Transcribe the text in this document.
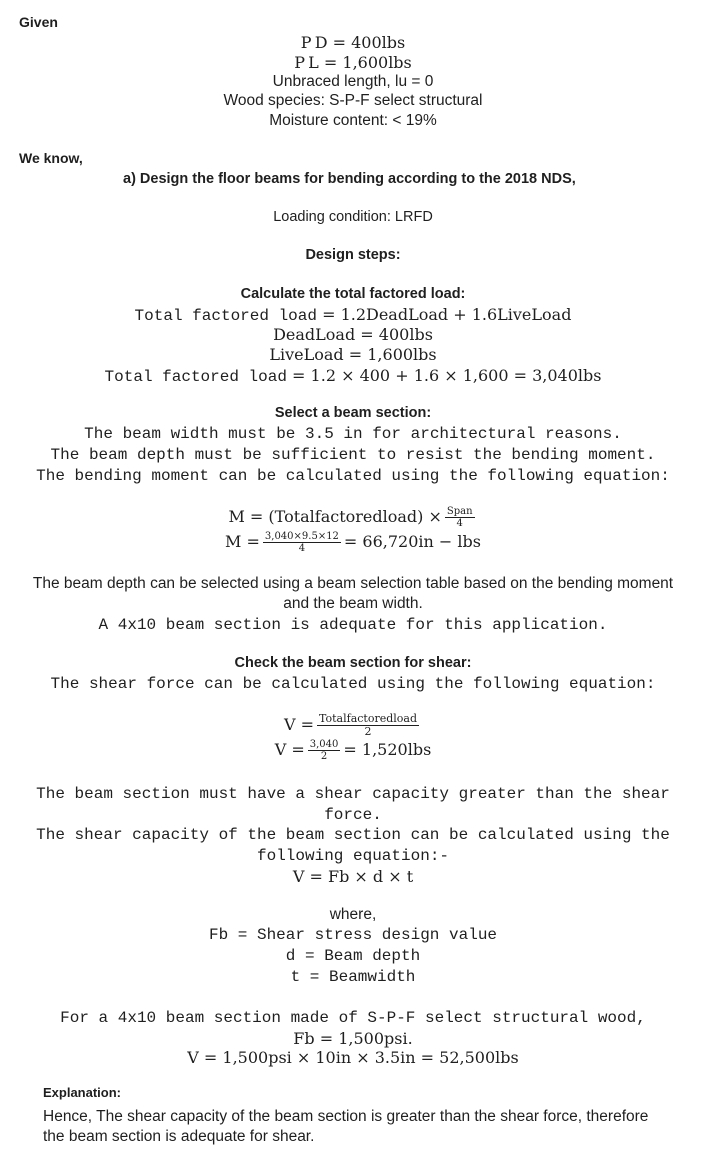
Given
P D = 400lbs
P L = 1,600lbs
Unbraced length, lu = 0
Wood species: S-P-F select structural
Moisture content: < 19%
We know,
a) Design the floor beams for bending according to the 2018 NDS,
Loading condition: LRFD
Design steps:
Calculate the total factored load:
Total factored load = 1.2DeadLoad + 1.6LiveLoad
DeadLoad = 400lbs
LiveLoad = 1,600lbs
Total factored load = 1.2 × 400 + 1.6 × 1,600 = 3,040lbs
Select a beam section:
The beam width must be 3.5 in for architectural reasons.
The beam depth must be sufficient to resist the bending moment.
The bending moment can be calculated using the following equation:
M = (Totalfactoredload) × $\frac{\text{Span}}{4}$
$M = \frac{3,040\times 9.5\times 12}{4} = 66,720in$ − lbs
The beam depth can be selected using a beam selection table based on the bending moment
and the beam width.
A 4x10 beam section is adequate for this application.
Check the beam section for shear:
The shear force can be calculated using the following equation:
$V = \frac{\text{Totalfactoredload}}{2}$
$V = \frac{3,040}{2} = 1,520lbs$
The beam section must have a shear capacity greater than the shear
force.
The shear capacity of the beam section can be calculated using the
following equation:-
V = Fb × d × t
where,
Fb = Shear stress design value
d = Beam depth
t = Beamwidth
For a 4x10 beam section made of S-P-F select structural wood,
Fb = 1,500psi.
V = 1,500psi × 10in × 3.5in = 52,500lbs
Explanation:
Hence, The shear capacity of the beam section is greater than the shear force, therefore
the beam section is adequate for shear.
